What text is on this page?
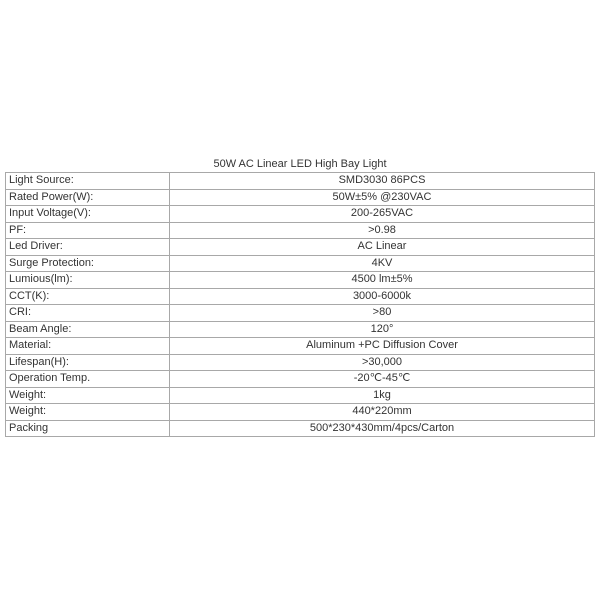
50W AC Linear LED High Bay Light
Light Source:	SMD3030 86PCS
Rated Power(W):	50W±5% @230VAC
Input Voltage(V):	200-265VAC
PF:	>0.98
Led Driver:	AC Linear
Surge Protection:	4KV
Lumious(lm):	4500 lm±5%
CCT(K):	3000-6000k
CRI:	>80
Beam Angle:	120°
Material:	Aluminum +PC Diffusion Cover
Lifespan(H):	>30,000
Operation Temp.	-20℃-45℃
Weight:	1kg
Weight:	440*220mm
Packing	500*230*430mm/4pcs/Carton
